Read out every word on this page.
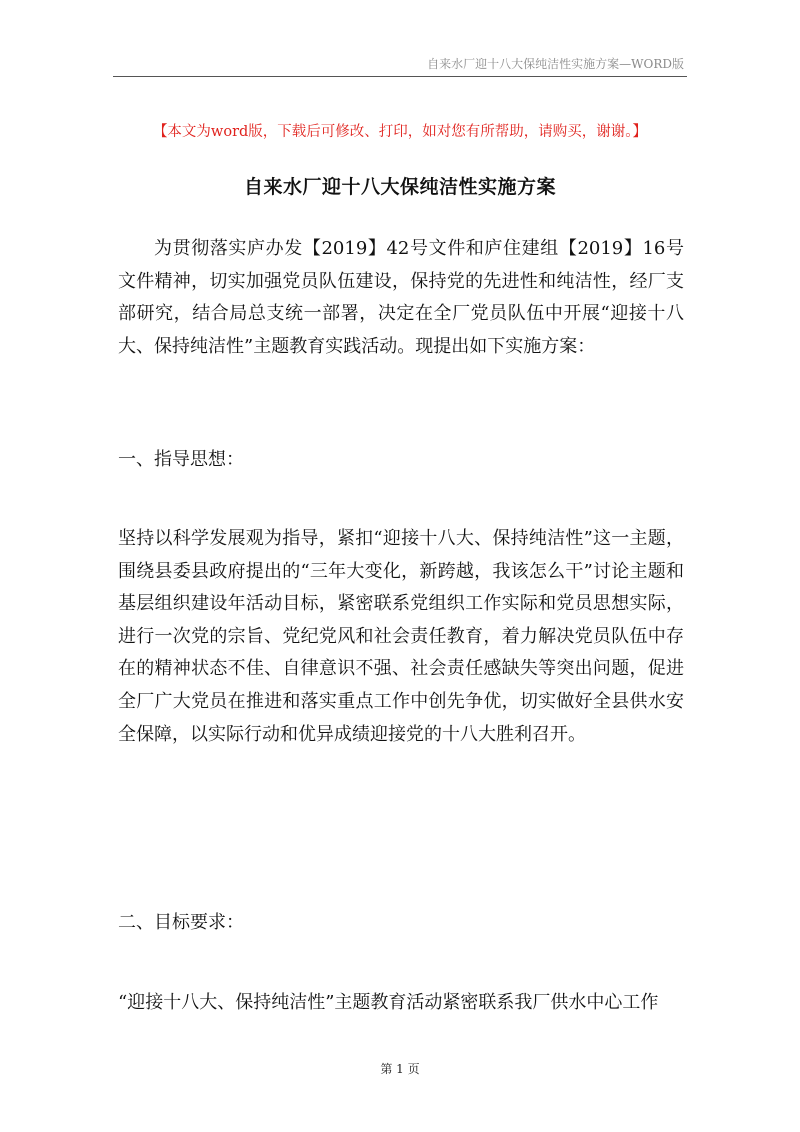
自来水厂迎十八大保纯洁性实施方案—WORD版
【本文为word版，下载后可修改、打印，如对您有所帮助，请购买，谢谢。】
自来水厂迎十八大保纯洁性实施方案

为贯彻落实庐办发【2019】42号文件和庐住建组【2019】16号文件精神，切实加强党员队伍建设，保持党的先进性和纯洁性，经厂支部研究，结合局总支统一部署，决定在全厂党员队伍中开展“迎接十八大、保持纯洁性”主题教育实践活动。现提出如下实施方案：

一、指导思想：

坚持以科学发展观为指导，紧扣“迎接十八大、保持纯洁性”这一主题，围绕县委县政府提出的“三年大变化，新跨越，我该怎么干”讨论主题和基层组织建设年活动目标，紧密联系党组织工作实际和党员思想实际，进行一次党的宗旨、党纪党风和社会责任教育，着力解决党员队伍中存在的精神状态不佳、自律意识不强、社会责任感缺失等突出问题，促进全厂广大党员在推进和落实重点工作中创先争优，切实做好全县供水安全保障，以实际行动和优异成绩迎接党的十八大胜利召开。

二、目标要求：

“迎接十八大、保持纯洁性”主题教育活动紧密联系我厂供水中心工作

第 1 页
